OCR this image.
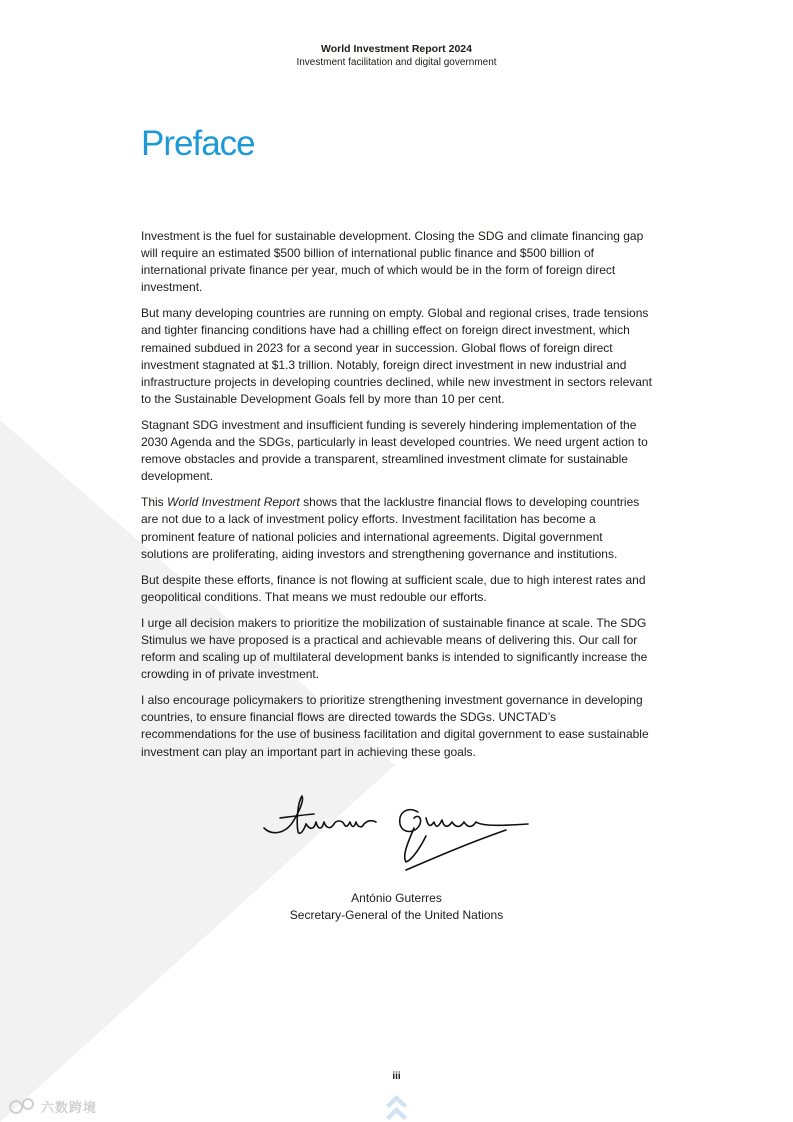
World Investment Report 2024
Investment facilitation and digital government
Preface

Investment is the fuel for sustainable development. Closing the SDG and climate financing gap will require an estimated $500 billion of international public finance and $500 billion of international private finance per year, much of which would be in the form of foreign direct investment.

But many developing countries are running on empty. Global and regional crises, trade tensions and tighter financing conditions have had a chilling effect on foreign direct investment, which remained subdued in 2023 for a second year in succession. Global flows of foreign direct investment stagnated at $1.3 trillion. Notably, foreign direct investment in new industrial and infrastructure projects in developing countries declined, while new investment in sectors relevant to the Sustainable Development Goals fell by more than 10 per cent.

Stagnant SDG investment and insufficient funding is severely hindering implementation of the 2030 Agenda and the SDGs, particularly in least developed countries. We need urgent action to remove obstacles and provide a transparent, streamlined investment climate for sustainable development.

This World Investment Report shows that the lacklustre financial flows to developing countries are not due to a lack of investment policy efforts. Investment facilitation has become a prominent feature of national policies and international agreements. Digital government solutions are proliferating, aiding investors and strengthening governance and institutions.

But despite these efforts, finance is not flowing at sufficient scale, due to high interest rates and geopolitical conditions. That means we must redouble our efforts.

I urge all decision makers to prioritize the mobilization of sustainable finance at scale. The SDG Stimulus we have proposed is a practical and achievable means of delivering this. Our call for reform and scaling up of multilateral development banks is intended to significantly increase the crowding in of private investment.

I also encourage policymakers to prioritize strengthening investment governance in developing countries, to ensure financial flows are directed towards the SDGs. UNCTAD’s recommendations for the use of business facilitation and digital government to ease sustainable investment can play an important part in achieving these goals.

António Guterres
Secretary-General of the United Nations
iii
六数跨境
